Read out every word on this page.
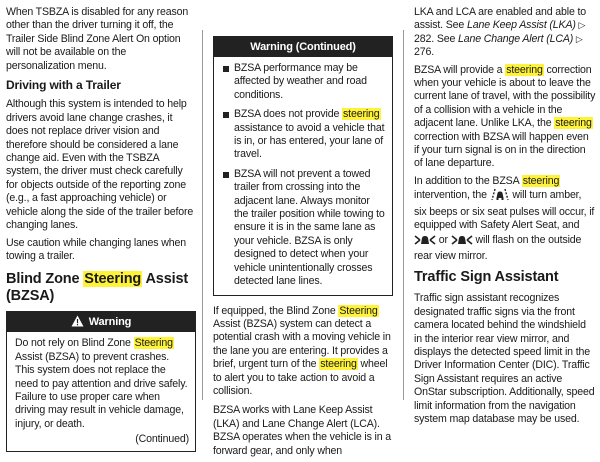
When TSBZA is disabled for any reason other than the driver turning it off, the Trailer Side Blind Zone Alert On option will not be available on the personalization menu.

Driving with a Trailer

Although this system is intended to help drivers avoid lane change crashes, it does not replace driver vision and therefore should be considered a lane change aid. Even with the TSBZA system, the driver must check carefully for objects outside of the reporting zone (e.g., a fast approaching vehicle) or vehicle along the side of the trailer before changing lanes.

Use caution while changing lanes when towing a trailer.

Blind Zone Steering Assist (BZSA)
Warning
Do not rely on Blind Zone Steering Assist (BZSA) to prevent crashes. This system does not replace the need to pay attention and drive safely. Failure to use proper care when driving may result in vehicle damage, injury, or death.
(Continued)
Warning (Continued)
BZSA performance may be affected by weather and road conditions.
BZSA does not provide steering assistance to avoid a vehicle that is in, or has entered, your lane of travel.
BZSA will not prevent a towed trailer from crossing into the adjacent lane. Always monitor the trailer position while towing to ensure it is in the same lane as your vehicle. BZSA is only designed to detect when your vehicle unintentionally crosses detected lane lines.

If equipped, the Blind Zone Steering Assist (BZSA) system can detect a potential crash with a moving vehicle in the lane you are entering. It provides a brief, urgent turn of the steering wheel to alert you to take action to avoid a collision.

BZSA works with Lane Keep Assist (LKA) and Lane Change Alert (LCA). BZSA operates when the vehicle is in a forward gear, and only when

LKA and LCA are enabled and able to assist. See Lane Keep Assist (LKA) ▷ 282. See Lane Change Alert (LCA) ▷ 276.

BZSA will provide a steering correction when your vehicle is about to leave the current lane of travel, with the possibility of a collision with a vehicle in the adjacent lane. Unlike LKA, the steering correction with BZSA will happen even if your turn signal is on in the direction of lane departure.

In addition to the BZSA steering intervention, the  will turn amber, six beeps or six seat pulses will occur, if equipped with Safety Alert Seat, and  or  will flash on the outside rear view mirror.

Traffic Sign Assistant

Traffic sign assistant recognizes designated traffic signs via the front camera located behind the windshield in the interior rear view mirror, and displays the detected speed limit in the Driver Information Center (DIC). Traffic Sign Assistant requires an active OnStar subscription. Additionally, speed limit information from the navigation system map database may be used.
